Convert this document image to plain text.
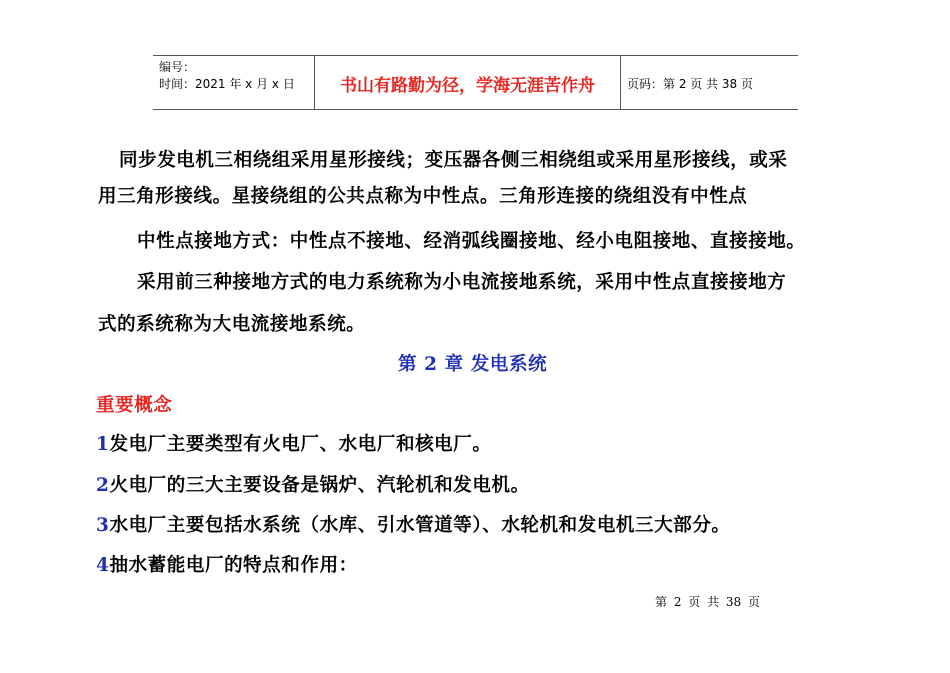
编号：
时间：2021 年 x 月 x 日	书山有路勤为径，学海无涯苦作舟	页码：第 2 页 共 38 页
同步发电机三相绕组采用星形接线；变压器各侧三相绕组或采用星形接线，或采
用三角形接线。星接绕组的公共点称为中性点。三角形连接的绕组没有中性点
中性点接地方式：中性点不接地、经消弧线圈接地、经小电阻接地、直接接地。
采用前三种接地方式的电力系统称为小电流接地系统，采用中性点直接接地方
式的系统称为大电流接地系统。
第 2 章 发电系统
重要概念
1发电厂主要类型有火电厂、水电厂和核电厂。
2火电厂的三大主要设备是锅炉、汽轮机和发电机。
3水电厂主要包括水系统（水库、引水管道等）、水轮机和发电机三大部分。
4抽水蓄能电厂的特点和作用：
第 2 页 共 38 页
